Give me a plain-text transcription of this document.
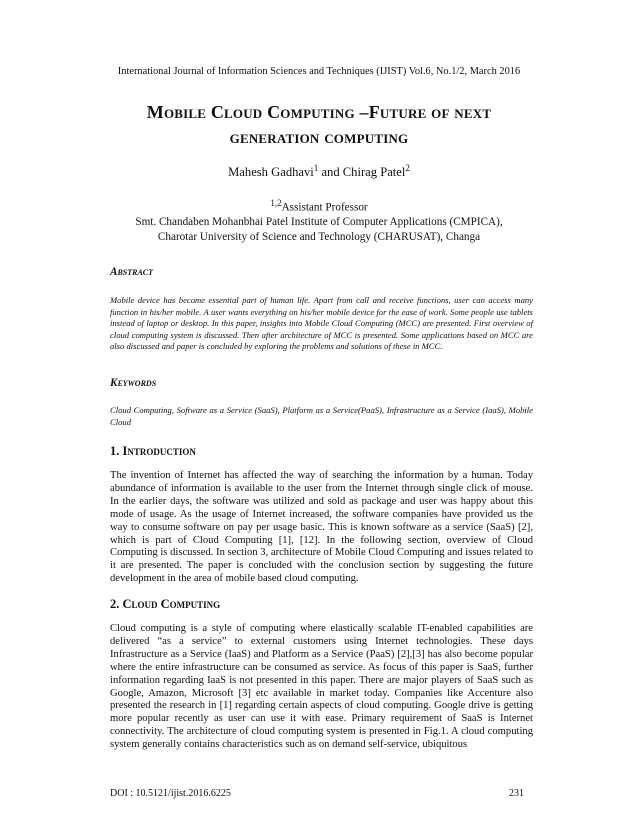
International Journal of Information Sciences and Techniques (IJIST) Vol.6, No.1/2, March 2016
Mobile Cloud Computing –Future of next
generation computing
Mahesh Gadhavi$^1$ and Chirag Patel$^2$
$^{1,2}$Assistant Professor
Smt. Chandaben Mohanbhai Patel Institute of Computer Applications (CMPICA),
Charotar University of Science and Technology (CHARUSAT), Changa
Abstract
Mobile device has become essential part of human life. Apart from call and receive functions, user can access many function in his/her mobile. A user wants everything on his/her mobile device for the ease of work. Some people use tablets instead of laptop or desktop. In this paper, insights into Mobile Cloud Computing (MCC) are presented. First overview of cloud computing system is discussed. Then after architecture of MCC is presented. Some applications based on MCC are also discussed and paper is concluded by exploring the problems and solutions of these in MCC.
Keywords
Cloud Computing, Software as a Service (SaaS), Platform as a Service(PaaS), Infrastructure as a Service (IaaS), Mobile Cloud
1. Introduction
The invention of Internet has affected the way of searching the information by a human. Today abundance of information is available to the user from the Internet through single click of mouse. In the earlier days, the software was utilized and sold as package and user was happy about this mode of usage. As the usage of Internet increased, the software companies have provided us the way to consume software on pay per usage basic. This is known software as a service (SaaS) [2], which is part of Cloud Computing [1], [12]. In the following section, overview of Cloud Computing is discussed. In section 3, architecture of Mobile Cloud Computing and issues related to it are presented. The paper is concluded with the conclusion section by suggesting the future development in the area of mobile based cloud computing.
2. Cloud Computing
Cloud computing is a style of computing where elastically scalable IT-enabled capabilities are delivered “as a service” to external customers using Internet technologies. These days Infrastructure as a Service (IaaS) and Platform as a Service (PaaS) [2],[3] has also become popular where the entire infrastructure can be consumed as service. As focus of this paper is SaaS, further information regarding IaaS is not presented in this paper. There are major players of SaaS such as Google, Amazon, Microsoft [3] etc available in market today. Companies like Accenture also presented the research in [1] regarding certain aspects of cloud computing. Google drive is getting more popular recently as user can use it with ease. Primary requirement of SaaS is Internet connectivity. The architecture of cloud computing system is presented in Fig.1. A cloud computing system generally contains characteristics such as on demand self-service, ubiquitous
DOI : 10.5121/ijist.2016.6225	231
